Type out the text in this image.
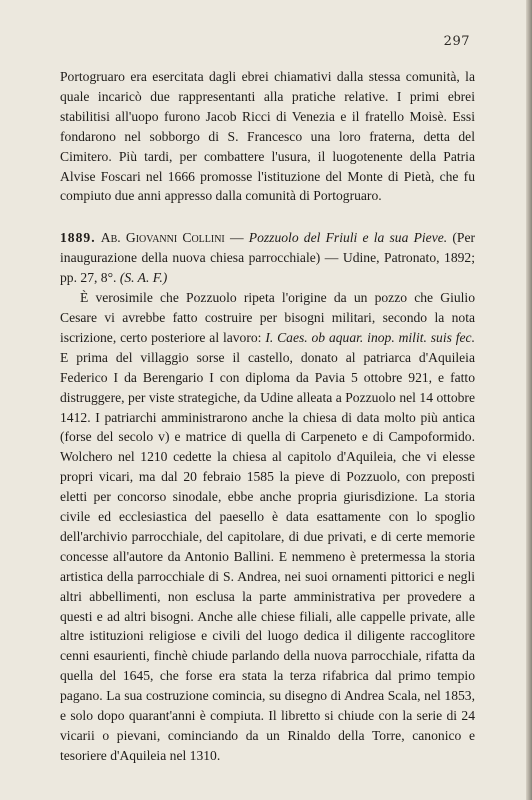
297

Portogruaro era esercitata dagli ebrei chiamativi dalla stessa comunità, la quale incaricò due rappresentanti alla pratiche relative. I primi ebrei stabilitisi all'uopo furono Jacob Ricci di Venezia e il fratello Moisè. Essi fondarono nel sobborgo di S. Francesco una loro fraterna, detta del Cimitero. Più tardi, per combattere l'usura, il luogotenente della Patria Alvise Foscari nel 1666 promosse l'istituzione del Monte di Pietà, che fu compiuto due anni appresso dalla comunità di Portogruaro.

1889. Ab. Giovanni Collini — Pozzuolo del Friuli e la sua Pieve. (Per inaugurazione della nuova chiesa parrocchiale) — Udine, Patronato, 1892; pp. 27, 8°. (S. A. F.)

È verosimile che Pozzuolo ripeta l'origine da un pozzo che Giulio Cesare vi avrebbe fatto costruire per bisogni militari, secondo la nota iscrizione, certo posteriore al lavoro: I. Caes. ob aquar. inop. milit. suis fec. E prima del villaggio sorse il castello, donato al patriarca d'Aquileia Federico I da Berengario I con diploma da Pavia 5 ottobre 921, e fatto distruggere, per viste strategiche, da Udine alleata a Pozzuolo nel 14 ottobre 1412. I patriarchi amministrarono anche la chiesa di data molto più antica (forse del secolo v) e matrice di quella di Carpeneto e di Campoformido. Wolchero nel 1210 cedette la chiesa al capitolo d'Aquileia, che vi elesse propri vicari, ma dal 20 febraio 1585 la pieve di Pozzuolo, con preposti eletti per concorso sinodale, ebbe anche propria giurisdizione. La storia civile ed ecclesiastica del paesello è data esattamente con lo spoglio dell'archivio parrocchiale, del capitolare, di due privati, e di certe memorie concesse all'autore da Antonio Ballini. E nemmeno è pretermessa la storia artistica della parrocchiale di S. Andrea, nei suoi ornamenti pittorici e negli altri abbellimenti, non esclusa la parte amministrativa per provedere a questi e ad altri bisogni. Anche alle chiese filiali, alle cappelle private, alle altre istituzioni religiose e civili del luogo dedica il diligente raccoglitore cenni esaurienti, finchè chiude parlando della nuova parrocchiale, rifatta da quella del 1645, che forse era stata la terza rifabrica dal primo tempio pagano. La sua costruzione comincia, su disegno di Andrea Scala, nel 1853, e solo dopo quarant'anni è compiuta. Il libretto si chiude con la serie di 24 vicarii o pievani, cominciando da un Rinaldo della Torre, canonico e tesoriere d'Aquileia nel 1310.
